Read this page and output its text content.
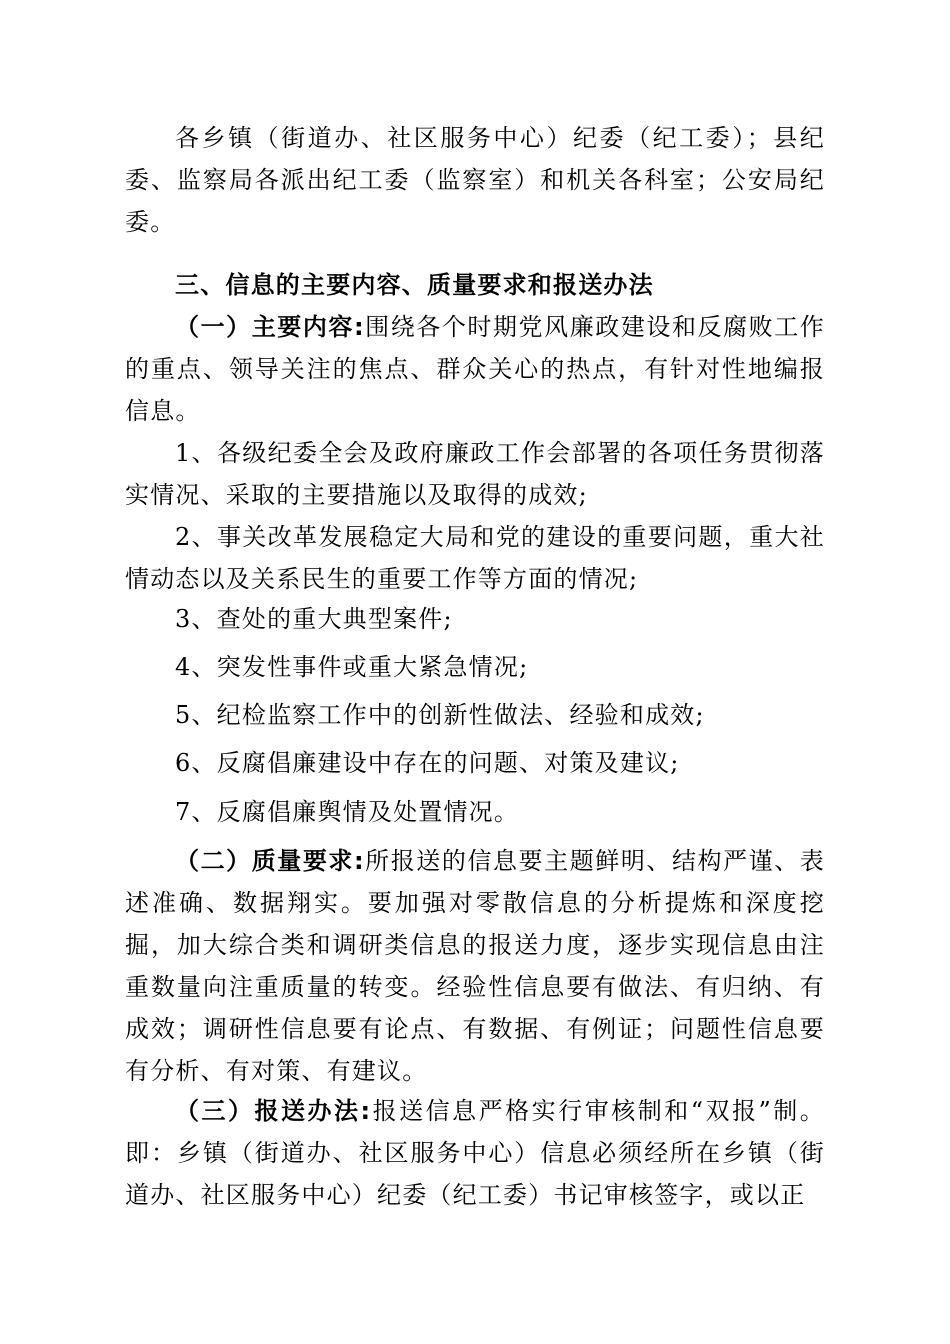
各乡镇（街道办、社区服务中心）纪委（纪工委）；县纪委、监察局各派出纪工委（监察室）和机关各科室；公安局纪委。

三、信息的主要内容、质量要求和报送办法

（一）主要内容:围绕各个时期党风廉政建设和反腐败工作的重点、领导关注的焦点、群众关心的热点，有针对性地编报信息。

1、各级纪委全会及政府廉政工作会部署的各项任务贯彻落实情况、采取的主要措施以及取得的成效;

2、事关改革发展稳定大局和党的建设的重要问题，重大社情动态以及关系民生的重要工作等方面的情况;

3、查处的重大典型案件;

4、突发性事件或重大紧急情况;

5、纪检监察工作中的创新性做法、经验和成效;

6、反腐倡廉建设中存在的问题、对策及建议;

7、反腐倡廉舆情及处置情况。

（二）质量要求:所报送的信息要主题鲜明、结构严谨、表述准确、数据翔实。要加强对零散信息的分析提炼和深度挖掘，加大综合类和调研类信息的报送力度，逐步实现信息由注重数量向注重质量的转变。经验性信息要有做法、有归纳、有成效；调研性信息要有论点、有数据、有例证；问题性信息要有分析、有对策、有建议。

（三）报送办法:报送信息严格实行审核制和“双报”制。即：乡镇（街道办、社区服务中心）信息必须经所在乡镇（街道办、社区服务中心）纪委（纪工委）书记审核签字，或以正
